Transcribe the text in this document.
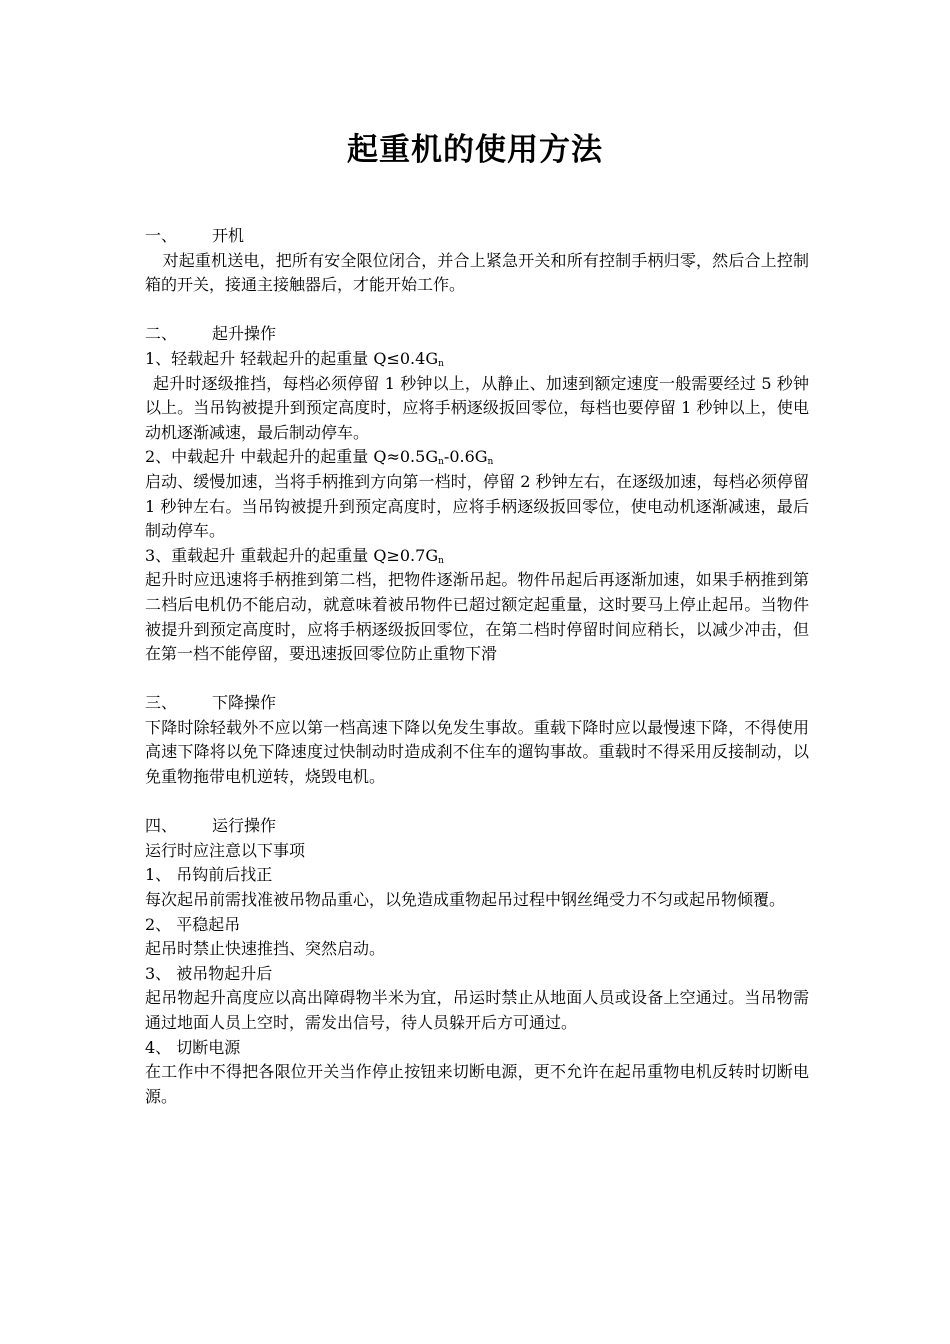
起重机的使用方法

一、	开机

对起重机送电，把所有安全限位闭合，并合上紧急开关和所有控制手柄归零，然后合上控制箱的开关，接通主接触器后，才能开始工作。

二、	起升操作

1、轻载起升 轻载起升的起重量 $Q\le 0.4G_n$

起升时逐级推挡，每档必须停留 1 秒钟以上，从静止、加速到额定速度一般需要经过 5 秒钟以上。当吊钩被提升到预定高度时，应将手柄逐级扳回零位，每档也要停留 1 秒钟以上，使电动机逐渐减速，最后制动停车。

2、中载起升 中载起升的起重量 $Q\approx 0.5G_n-0.6G_n$

启动、缓慢加速，当将手柄推到方向第一档时，停留 2 秒钟左右，在逐级加速，每档必须停留 1 秒钟左右。当吊钩被提升到预定高度时，应将手柄逐级扳回零位，使电动机逐渐减速，最后制动停车。

3、重载起升 重载起升的起重量 $Q\ge 0.7G_n$

起升时应迅速将手柄推到第二档，把物件逐渐吊起。物件吊起后再逐渐加速，如果手柄推到第二档后电机仍不能启动，就意味着被吊物件已超过额定起重量，这时要马上停止起吊。当物件被提升到预定高度时，应将手柄逐级扳回零位，在第二档时停留时间应稍长，以减少冲击，但在第一档不能停留，要迅速扳回零位防止重物下滑

三、	下降操作

下降时除轻载外不应以第一档高速下降以免发生事故。重载下降时应以最慢速下降，不得使用高速下降将以免下降速度过快制动时造成刹不住车的遛钩事故。重载时不得采用反接制动，以免重物拖带电机逆转，烧毁电机。

四、	运行操作

运行时应注意以下事项

1、 吊钩前后找正

每次起吊前需找准被吊物品重心，以免造成重物起吊过程中钢丝绳受力不匀或起吊物倾覆。

2、 平稳起吊

起吊时禁止快速推挡、突然启动。

3、 被吊物起升后

起吊物起升高度应以高出障碍物半米为宜，吊运时禁止从地面人员或设备上空通过。当吊物需通过地面人员上空时，需发出信号，待人员躲开后方可通过。

4、 切断电源

在工作中不得把各限位开关当作停止按钮来切断电源，更不允许在起吊重物电机反转时切断电源。
